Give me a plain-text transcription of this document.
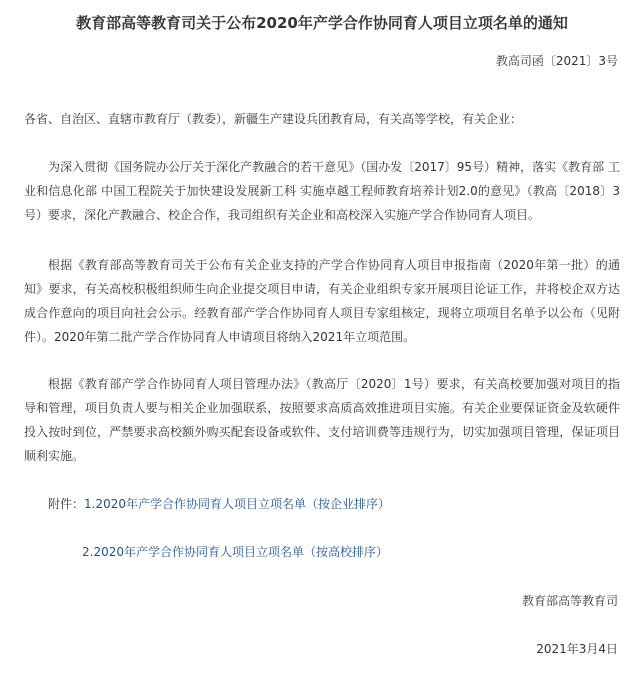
教育部高等教育司关于公布2020年产学合作协同育人项目立项名单的通知
教高司函〔2021〕3号
各省、自治区、直辖市教育厅（教委），新疆生产建设兵团教育局，有关高等学校，有关企业：

为深入贯彻《国务院办公厅关于深化产教融合的若干意见》（国办发〔2017〕95号）精神，落实《教育部 工业和信息化部 中国工程院关于加快建设发展新工科 实施卓越工程师教育培养计划2.0的意见》（教高〔2018〕3号）要求，深化产教融合、校企合作，我司组织有关企业和高校深入实施产学合作协同育人项目。

根据《教育部高等教育司关于公布有关企业支持的产学合作协同育人项目申报指南（2020年第一批）的通知》要求，有关高校积极组织师生向企业提交项目申请，有关企业组织专家开展项目论证工作，并将校企双方达成合作意向的项目向社会公示。经教育部产学合作协同育人项目专家组核定，现将立项项目名单予以公布（见附件）。2020年第二批产学合作协同育人申请项目将纳入2021年立项范围。

根据《教育部产学合作协同育人项目管理办法》（教高厅〔2020〕1号）要求，有关高校要加强对项目的指导和管理，项目负责人要与相关企业加强联系，按照要求高质高效推进项目实施。有关企业要保证资金及软硬件投入按时到位，严禁要求高校额外购买配套设备或软件、支付培训费等违规行为，切实加强项目管理，保证项目顺利实施。

附件：1.2020年产学合作协同育人项目立项名单（按企业排序）
2.2020年产学合作协同育人项目立项名单（按高校排序）
教育部高等教育司
2021年3月4日
